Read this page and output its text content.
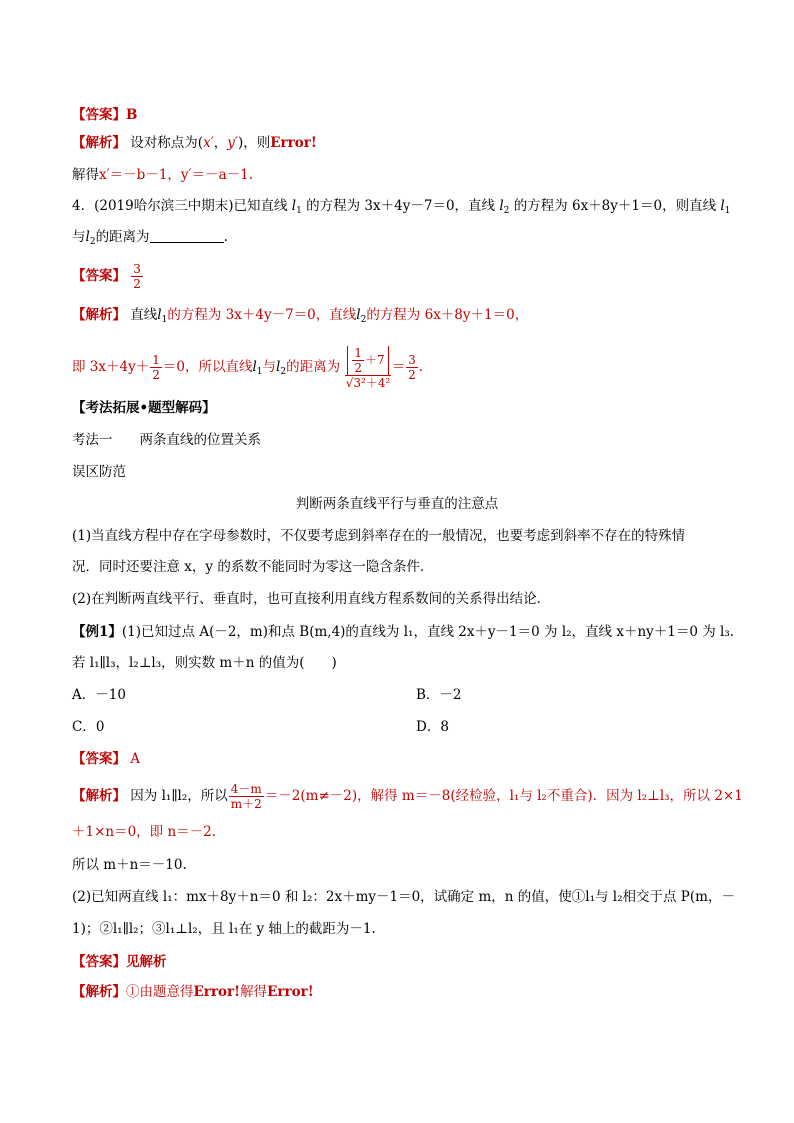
【答案】B
【解析】 设对称点为(x′，y′)，则Error!
解得x′＝－b－1，y′＝－a－1.
4．(2019哈尔滨三中期末)已知直线 $l_1$ 的方程为 3x＋4y－7＝0，直线 $l_2$ 的方程为 6x＋8y＋1＝0，则直线 $l_1$
与$l_2$的距离为	.
【答案】 $\frac{3}{2}$
【解析】 直线$l_1$的方程为 3x＋4y－7＝0，直线$l_2$的方程为 6x＋8y＋1＝0，
即 $3x+4y+ \frac{1}{2} =0$，所以直线$l_1$与$l_2$的距离为 $\frac{\frac{1}{2} +7}{\text{√3²＋4²}} = \frac{3}{2}$ .
【考法拓展•题型解码】
考法一　　两条直线的位置关系
误区防范
判断两条直线平行与垂直的注意点
(1)当直线方程中存在字母参数时，不仅要考虑到斜率存在的一般情况，也要考虑到斜率不存在的特殊情
况．同时还要注意 x，y 的系数不能同时为零这一隐含条件．
(2)在判断两直线平行、垂直时，也可直接利用直线方程系数间的关系得出结论．
【例1】(1)已知过点 A(－2，m)和点 B(m,4)的直线为 l₁，直线 2x＋y－1＝0 为 l₂，直线 x＋ny＋1＝0 为 l₃.
若 l₁∥l₃，l₂⊥l₃，则实数 m＋n 的值为(　　)
A．－10	B．－2
C．0	D．8
【答案】 A
【解析】 因为 l₁∥l₂，所以 $\frac{4-m}{m+2} =-2(m\ne-2)$，解得 m＝－8(经检验，l₁与 l₂不重合)．因为 l₂⊥l₃，所以 2×1
＋1×n＝0，即 n＝－2.
所以 m＋n＝－10.
(2)已知两直线 l₁：mx＋8y＋n＝0 和 l₂：2x＋my－1＝0，试确定 m，n 的值，使①l₁与 l₂相交于点 P(m，－
1)；②l₁∥l₂；③l₁⊥l₂，且 l₁在 y 轴上的截距为－1.
【答案】见解析
【解析】①由题意得Error!解得Error!
